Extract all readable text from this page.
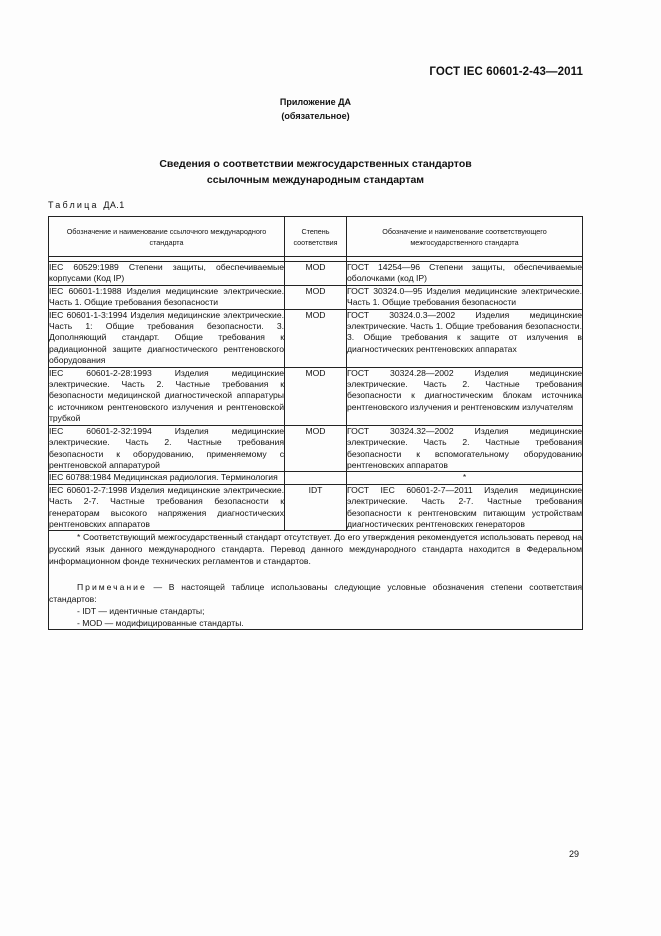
ГОСТ IEC 60601-2-43—2011
Приложение ДА
(обязательное)
Сведения о соответствии межгосударственных стандартов
ссылочным международным стандартам
Таблица ДА.1
Обозначение и наименование ссылочного международного стандарта	Степень соответствия	Обозначение и наименование соответствующего межгосударственного стандарта

IEC 60529:1989 Степени защиты, обеспечиваемые корпусами (Код IP)	MOD	ГОСТ 14254—96 Степени защиты, обеспечиваемые оболочками (код IP)
IEC 60601-1:1988 Изделия медицинские электрические. Часть 1. Общие требования безопасности	MOD	ГОСТ 30324.0—95 Изделия медицинские электрические. Часть 1. Общие требования безопасности
IEC 60601-1-3:1994 Изделия медицинские электрические. Часть 1: Общие требования безопасности. 3. Дополняющий стандарт. Общие требования к радиационной защите диагностического рентгеновского оборудования	MOD	ГОСТ 30324.0.3—2002 Изделия медицинские электрические. Часть 1. Общие требования безопасности. 3. Общие требования к защите от излучения в диагностических рентгеновских аппаратах
IEC 60601-2-28:1993 Изделия медицинские электрические. Часть 2. Частные требования к безопасности медицинской диагностической аппаратуры с источником рентгеновского излучения и рентгеновской трубкой	MOD	ГОСТ 30324.28—2002 Изделия медицинские электрические. Часть 2. Частные требования безопасности к диагностическим блокам источника рентгеновского излучения и рентгеновским излучателям
IEC 60601-2-32:1994 Изделия медицинские электрические. Часть 2. Частные требования безопасности к оборудованию, применяемому с рентгеновской аппаратурой	MOD	ГОСТ 30324.32—2002 Изделия медицинские электрические. Часть 2. Частные требования безопасности к вспомогательному оборудованию рентгеновских аппаратов
IEC 60788:1984 Медицинская радиология. Терминология		*
IEC 60601-2-7:1998 Изделия медицинские электрические. Часть 2-7. Частные требования безопасности к генераторам высокого напряжения диагностических рентгеновских аппаратов	IDT	ГОСТ IEC 60601-2-7—2011 Изделия медицинские электрические. Часть 2-7. Частные требования безопасности к рентгеновским питающим устройствам диагностических рентгеновских генераторов

* Соответствующий межгосударственный стандарт отсутствует. До его утверждения рекомендуется использовать перевод на русский язык данного международного стандарта. Перевод данного международного стандарта находится в Федеральном информационном фонде технических регламентов и стандартов.

Примечание — В настоящей таблице использованы следующие условные обозначения степени соответствия стандартов:

- IDT — идентичные стандарты;

- MOD — модифицированные стандарты.		

29
